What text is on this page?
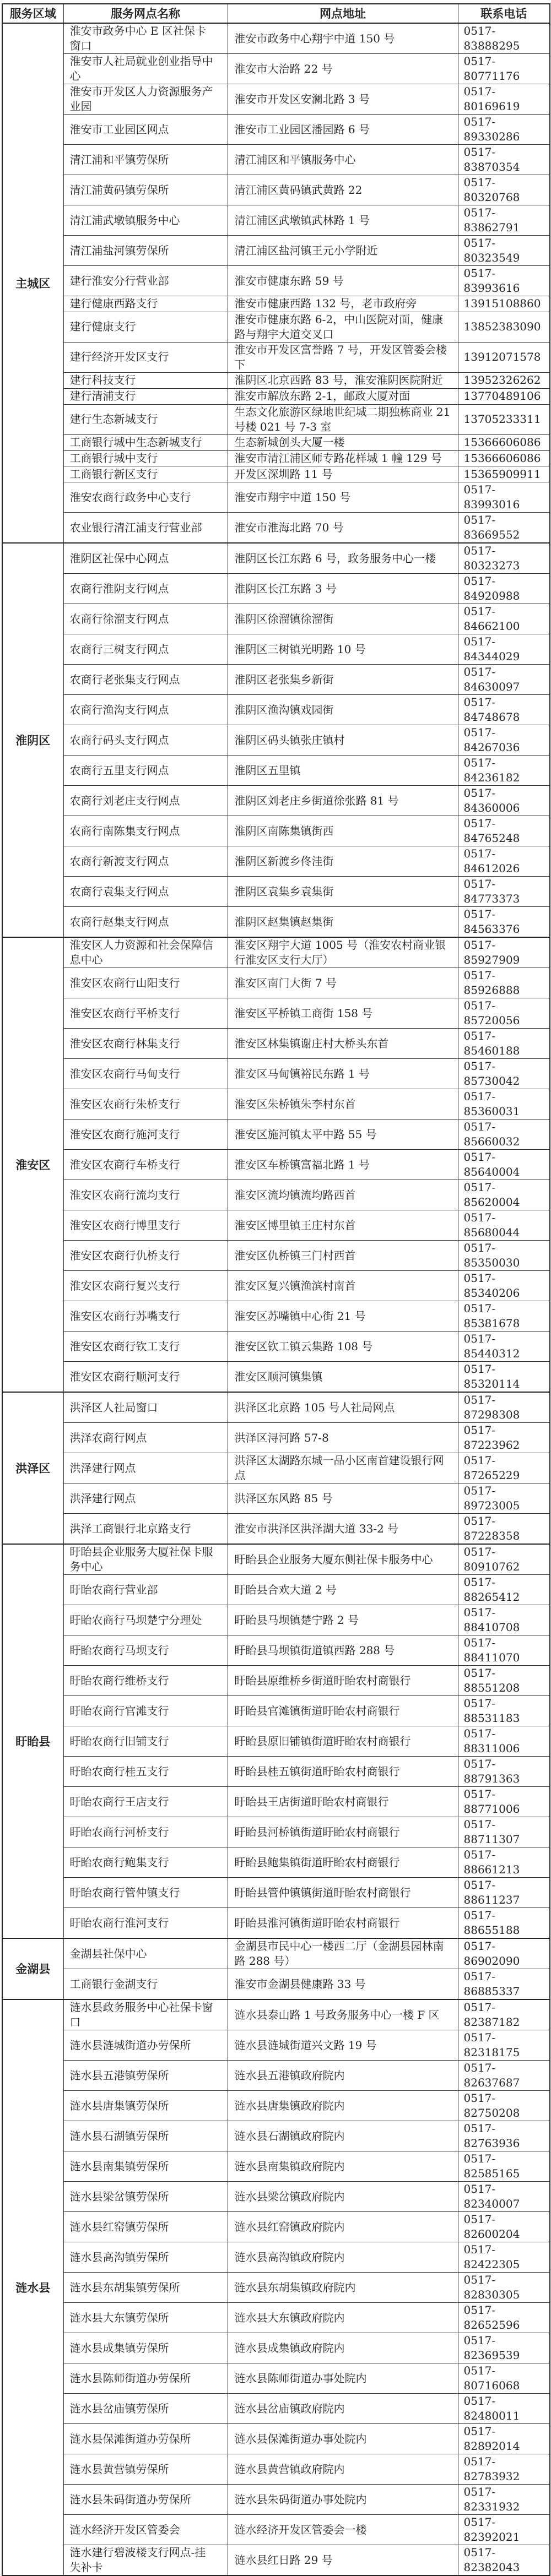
服务区域	服务网点名称	网点地址	联系电话
主城区	淮安市政务中心 E 区社保卡窗口	淮安市政务中心翔宇中道 150 号	0517-83888295
	淮安市人社局就业创业指导中心	淮安市大治路 22 号	0517-80771176
	淮安市开发区人力资源服务产业园	淮安市开发区安澜北路 3 号	0517-80169619
	淮安市工业园区网点	淮安市工业园区潘园路 6 号	0517-89330286
	清江浦和平镇劳保所	清江浦区和平镇服务中心	0517-83870354
	清江浦黄码镇劳保所	清江浦区黄码镇武黄路 22	0517-80320768
	清江浦武墩镇服务中心	清江浦区武墩镇武林路 1 号	0517-83862791
	清江浦盐河镇劳保所	清江浦区盐河镇王元小学附近	0517-80323549
	建行淮安分行营业部	淮安市健康东路 59 号	0517-83993616
	建行健康西路支行	淮安市健康西路 132 号，老市政府旁	13915108860
	建行健康支行	淮安市健康东路 6-2，中山医院对面，健康路与翔宇大道交叉口	13852383090
	建行经济开发区支行	淮安市开发区富誉路 7 号，开发区管委会楼下	13912071578
	建行科技支行	淮阴区北京西路 83 号，淮安淮阴医院附近	13952326262
	建行清浦支行	淮安市解放东路 2-1，邮政大厦对面	13770489106
	建行生态新城支行	生态文化旅游区绿地世纪城二期独栋商业 21 号楼 021 号 7-3 室	13705233311
	工商银行城中生态新城支行	生态新城创头大厦一楼	15366606086
	工商银行城中支行	淮安市清江浦区师专路花样城 1 幢 129 号	15366606086
	工商银行新区支行	开发区深圳路 11 号	15365909911
	淮安农商行政务中心支行	淮安市翔宇中道 150 号	0517-83993016
	农业银行清江浦支行营业部	淮安市淮海北路 70 号	0517-83669552
淮阴区	淮阴区社保中心网点	淮阴区长江东路 6 号，政务服务中心一楼	0517-80323273
	农商行淮阴支行网点	淮阴区长江东路 3 号	0517-84920988
	农商行徐溜支行网点	淮阴区徐溜镇徐溜街	0517-84662100
	农商行三树支行网点	淮阴区三树镇光明路 10 号	0517-84344029
	农商行老张集支行网点	淮阴区老张集乡新街	0517-84630097
	农商行渔沟支行网点	淮阴区渔沟镇戏园街	0517-84748678
	农商行码头支行网点	淮阴区码头镇张庄镇村	0517-84267036
	农商行五里支行网点	淮阴区五里镇	0517-84236182
	农商行刘老庄支行网点	淮阴区刘老庄乡街道徐张路 81 号	0517-84360006
	农商行南陈集支行网点	淮阴区南陈集镇街西	0517-84765248
	农商行新渡支行网点	淮阴区新渡乡佟洼街	0517-84612026
	农商行袁集支行网点	淮阴区袁集乡袁集街	0517-84773373
	农商行赵集支行网点	淮阴区赵集镇赵集街	0517-84563376
淮安区	淮安区人力资源和社会保障信息中心	淮安区翔宇大道 1005 号（淮安农村商业银行淮安区支行大厅）	0517-85927909
	淮安区农商行山阳支行	淮安区南门大街 7 号	0517-85926888
	淮安区农商行平桥支行	淮安区平桥镇工商街 158 号	0517-85720056
	淮安区农商行林集支行	淮安区林集镇谢庄村大桥头东首	0517-85460188
	淮安区农商行马甸支行	淮安区马甸镇裕民东路 1 号	0517-85730042
	淮安区农商行朱桥支行	淮安区朱桥镇朱李村东首	0517-85360031
	淮安区农商行施河支行	淮安区施河镇太平中路 55 号	0517-85660032
	淮安区农商行车桥支行	淮安区车桥镇富福北路 1 号	0517-85640004
	淮安区农商行流均支行	淮安区流均镇流均路西首	0517-85620004
	淮安区农商行博里支行	淮安区博里镇王庄村东首	0517-85680044
	淮安区农商行仇桥支行	淮安区仇桥镇三门村西首	0517-85350030
	淮安区农商行复兴支行	淮安区复兴镇渔滨村南首	0517-85340206
	淮安区农商行苏嘴支行	淮安区苏嘴镇中心街 21 号	0517-85381678
	淮安区农商行钦工支行	淮安区钦工镇云集路 108 号	0517-85440312
	淮安区农商行顺河支行	淮安区顺河镇集镇	0517-85320114
洪泽区	洪泽区人社局窗口	洪泽区北京路 105 号人社局网点	0517-87298308
	洪泽农商行网点	洪泽区浔河路 57-8	0517-87223962
	洪泽建行网点	洪泽区太湖路东城一品小区南首建设银行网点	0517-87265229
	洪泽建行网点	洪泽区东风路 85 号	0517-89723005
	洪泽工商银行北京路支行	淮安市洪泽区洪泽湖大道 33-2 号	0517-87228358
盱眙县	盱眙县企业服务大厦社保卡服务中心	盱眙县企业服务大厦东侧社保卡服务中心	0517-80910762
	盱眙农商行营业部	盱眙县合欢大道 2 号	0517-88265412
	盱眙农商行马坝楚宁分理处	盱眙县马坝镇楚宁路 2 号	0517-88410708
	盱眙农商行马坝支行	盱眙县马坝镇街道镇西路 288 号	0517-88411070
	盱眙农商行维桥支行	盱眙县原维桥乡街道盱眙农村商银行	0517-88551208
	盱眙农商行官滩支行	盱眙县官滩镇街道盱眙农村商银行	0517-88531183
	盱眙农商行旧铺支行	盱眙县原旧铺镇街道盱眙农村商银行	0517-88311006
	盱眙农商行桂五支行	盱眙县桂五镇街道盱眙农村商银行	0517-88791363
	盱眙农商行王店支行	盱眙县王店街道盱眙农村商银行	0517-88771006
	盱眙农商行河桥支行	盱眙县河桥镇街道盱眙农村商银行	0517-88711307
	盱眙农商行鲍集支行	盱眙县鲍集镇街道盱眙农村商银行	0517-88661213
	盱眙农商行管仲镇支行	盱眙县管仲镇镇街道盱眙农村商银行	0517-88611237
	盱眙农商行淮河支行	盱眙县淮河镇街道盱眙农村商银行	0517-88655188
金湖县	金湖县社保中心	金湖县市民中心一楼西二厅（金湖县园林南路 288 号）	0517-86902090
	工商银行金湖支行	淮安市金湖县健康路 33 号	0517-86885337
涟水县	涟水县政务服务中心社保卡窗口	涟水县泰山路 1 号政务服务中心一楼 F 区	0517-82387182
	涟水县涟城街道办劳保所	涟水县涟城街道兴文路 19 号	0517-82318175
	涟水县五港镇劳保所	涟水县五港镇政府院内	0517-82637687
	涟水县唐集镇劳保所	涟水县唐集镇政府院内	0517-82750208
	涟水县石湖镇劳保所	涟水县石湖镇政府院内	0517-82763936
	涟水县南集镇劳保所	涟水县南集镇政府院内	0517-82585165
	涟水县梁岔镇劳保所	涟水县梁岔镇政府院内	0517-82340007
	涟水县红窑镇劳保所	涟水县红窑镇政府院内	0517-82600204
	涟水县高沟镇劳保所	涟水县高沟镇政府院内	0517-82422305
	涟水县东胡集镇劳保所	涟水县东胡集镇政府院内	0517-82830305
	涟水县大东镇劳保所	涟水县大东镇政府院内	0517-82652596
	涟水县成集镇劳保所	涟水县成集镇政府院内	0517-82369539
	涟水县陈师街道办劳保所	涟水县陈师街道办事处院内	0517-80716068
	涟水县岔庙镇劳保所	涟水县岔庙镇政府院内	0517-82480011
	涟水县保滩街道办劳保所	涟水县保滩街道办事处院内	0517-82892014
	涟水县黄营镇劳保所	涟水县黄营镇政府院内	0517-82783932
	涟水县朱码街道办劳保所	涟水县朱码街道办事处院内	0517-82331932
	涟水经济开发区管委会	涟水经济开发区管委会一楼	0517-82392021
	涟水建行碧波楼支行网点-挂失补卡	涟水县红日路 29 号	0517-82382043
